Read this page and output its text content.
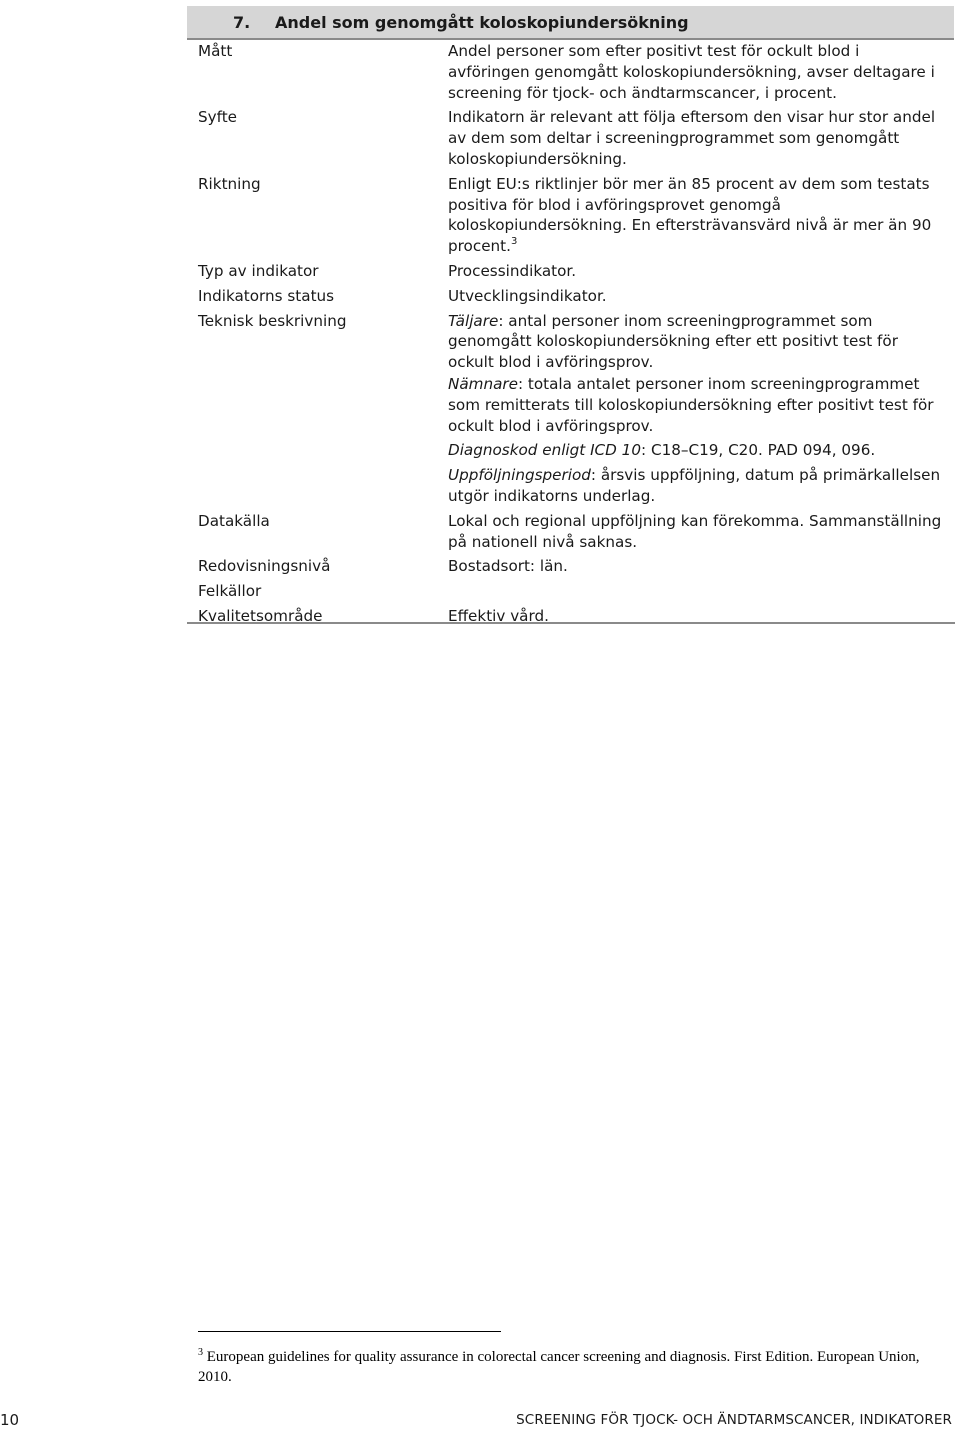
7. Andel som genomgått koloskopiundersökning
Mått	Andel personer som efter positivt test för ockult blod i avföringen genomgått koloskopiundersökning, avser deltagare i screening för tjock- och ändtarmscancer, i procent.
Syfte	Indikatorn är relevant att följa eftersom den visar hur stor andel av dem som deltar i screeningprogrammet som genomgått koloskopiundersökning.
Riktning	Enligt EU:s riktlinjer bör mer än 85 procent av dem som testats positiva för blod i avföringsprovet genomgå koloskopiundersökning. En eftersträvansvärd nivå är mer än 90 procent.$^3$
Typ av indikator	Processindikator.
Indikatorns status	Utvecklingsindikator.
Teknisk beskrivning	Täljare: antal personer inom screeningprogrammet som genomgått koloskopiundersökning efter ett positivt test för ockult blod i avföringsprov.

Nämnare: totala antalet personer inom screeningprogrammet som remitterats till koloskopiundersökning efter positivt test för ockult blod i avföringsprov.

Diagnoskod enligt ICD 10: C18–C19, C20. PAD 094, 096.

Uppföljningsperiod: årsvis uppföljning, datum på primärkallelsen utgör indikatorns underlag.

Datakälla	Lokal och regional uppföljning kan förekomma. Sammanställning på nationell nivå saknas.
Redovisningsnivå	Bostadsort: län.
Felkällor	
Kvalitetsområde	Effektiv vård.
$^3$ European guidelines for quality assurance in colorectal cancer screening and diagnosis. First Edition. European Union, 2010.
10	SCREENING FÖR TJOCK- OCH ÄNDTARMSCANCER, INDIKATORER
